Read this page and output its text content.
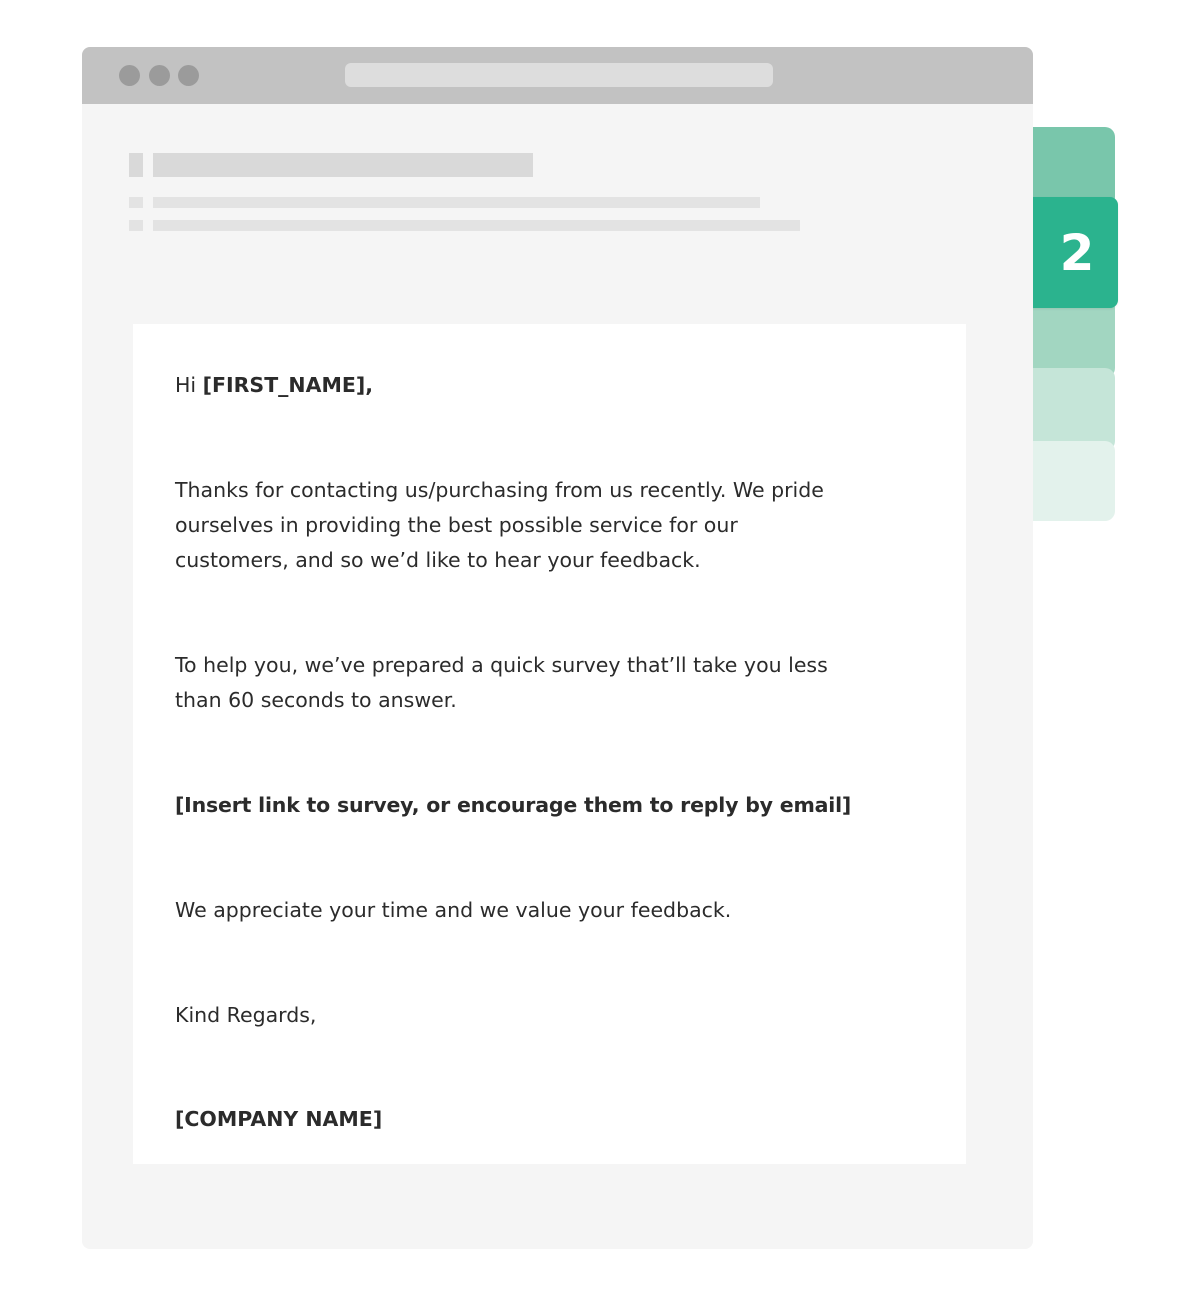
2

Hi [FIRST_NAME],

Thanks for contacting us/purchasing from us recently. We pride ourselves in providing the best possible service for our customers, and so we’d like to hear your feedback.

To help you, we’ve prepared a quick survey that’ll take you less than 60 seconds to answer.

[Insert link to survey, or encourage them to reply by email]

We appreciate your time and we value your feedback.

Kind Regards,

[COMPANY NAME]
